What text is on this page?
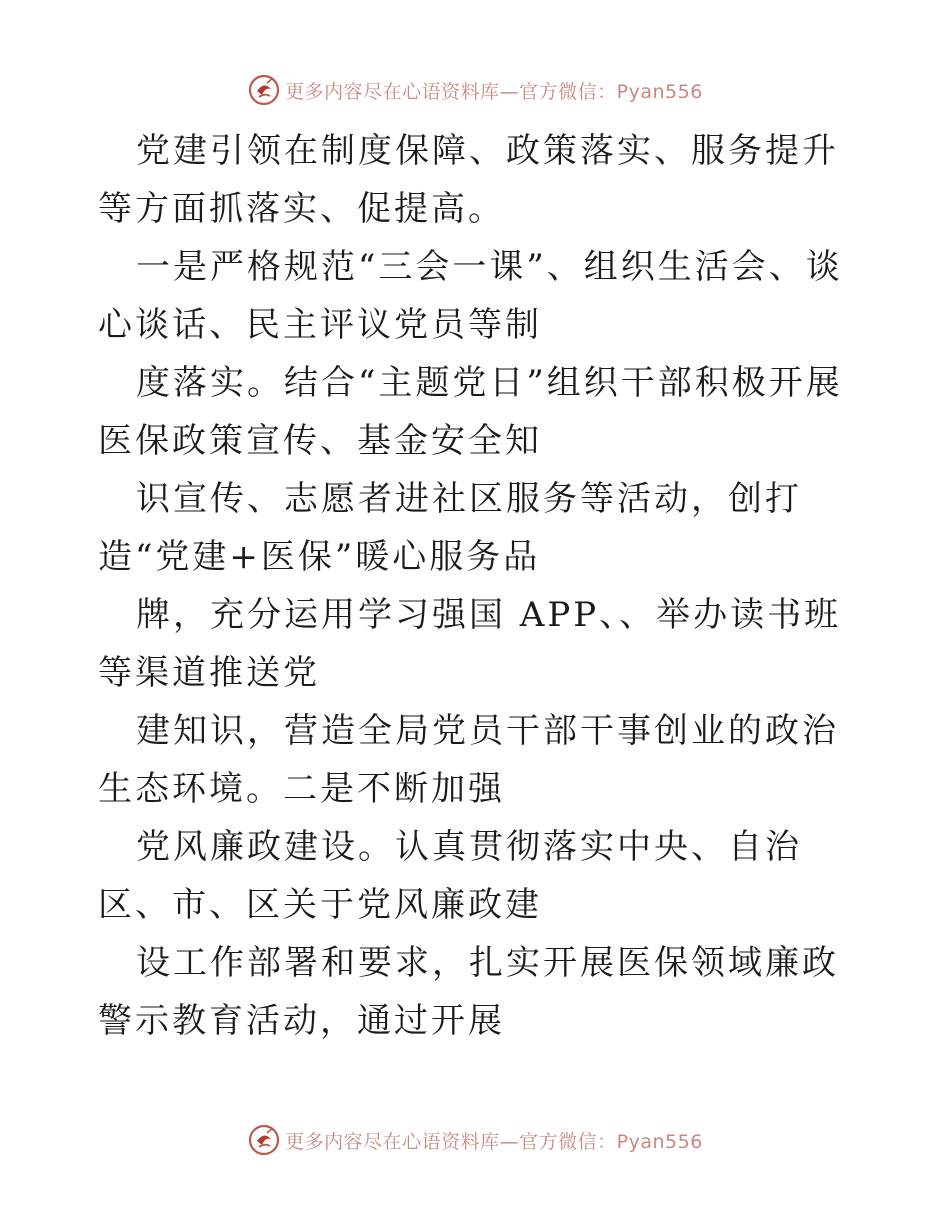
更多内容尽在心语资料库—官方微信：Pyan556

党建引领在制度保障、政策落实、服务提升等方面抓落实、促提高。

一是严格规范“三会一课”、组织生活会、谈心谈话、民主评议党员等制

度落实。结合“主题党日”组织干部积极开展医保政策宣传、基金安全知

识宣传、志愿者进社区服务等活动，创打造“党建+医保”暖心服务品

牌，充分运用学习强国 APP、、举办读书班等渠道推送党

建知识，营造全局党员干部干事创业的政治生态环境。二是不断加强

党风廉政建设。认真贯彻落实中央、自治区、市、区关于党风廉政建

设工作部署和要求，扎实开展医保领域廉政警示教育活动，通过开展

更多内容尽在心语资料库—官方微信：Pyan556
